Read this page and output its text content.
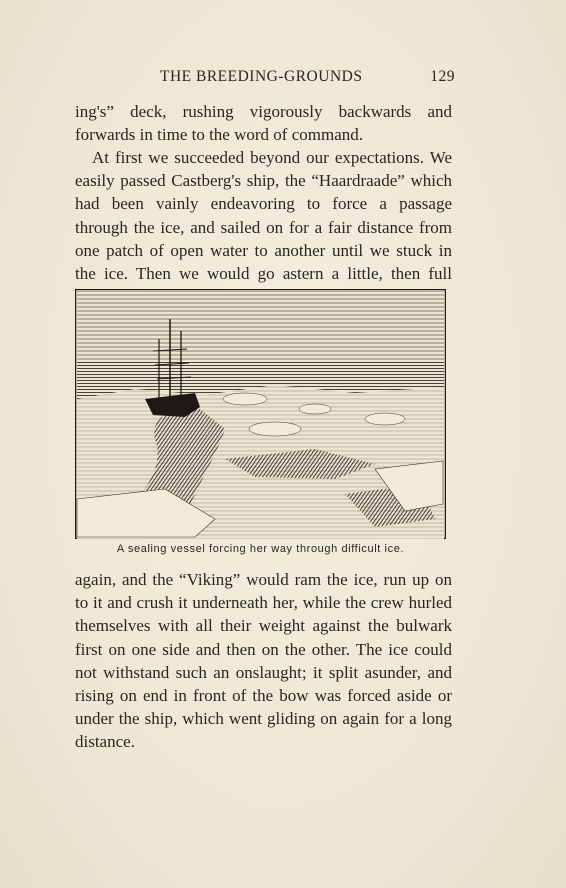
THE BREEDING-GROUNDS	129

ing's” deck, rushing vigorously backwards and forwards in time to the word of command.

At first we succeeded beyond our expectations. We easily passed Castberg's ship, the “Haardraade” which had been vainly endeavoring to force a passage through the ice, and sailed on for a fair distance from one patch of open water to another until we stuck in the ice. Then we would go astern a little, then full

A sealing vessel forcing her way through difficult ice.

again, and the “Viking” would ram the ice, run up on to it and crush it underneath her, while the crew hurled themselves with all their weight against the bulwark first on one side and then on the other. The ice could not withstand such an onslaught; it split asunder, and rising on end in front of the bow was forced aside or under the ship, which went gliding on again for a long distance.
